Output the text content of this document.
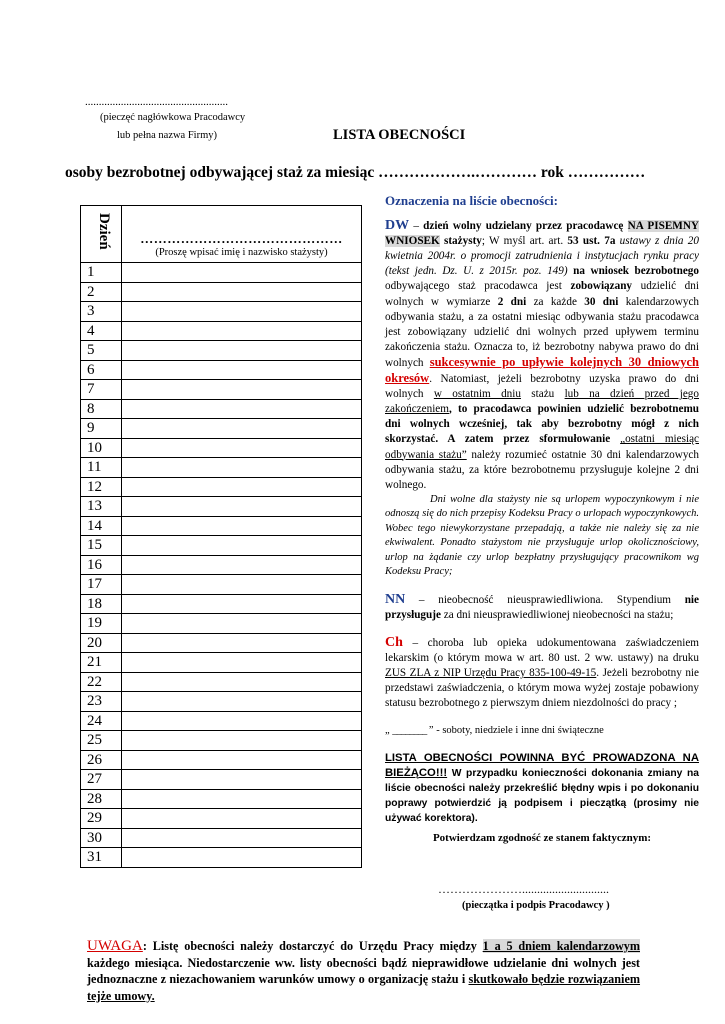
....................................................
(pieczęć nagłówkowa Pracodawcy
lub pełna nazwa Firmy)	LISTA OBECNOŚCI
osoby bezrobotnej odbywającej staż za miesiąc ……………….………… rok ……………
Dzień	………………………………………
(Proszę wpisać imię i nazwisko stażysty)

1	
2	
3	
4	
5	
6	
7	
8	
9	
10	
11	
12	
13	
14	
15	
16	
17	
18	
19	
20	
21	
22	
23	
24	
25	
26	
27	
28	
29	
30	
31	
Oznaczenia na liście obecności:

DW – dzień wolny udzielany przez pracodawcę NA PISEMNY WNIOSEK stażysty; W myśl art. art. 53 ust. 7a ustawy z dnia 20 kwietnia 2004r. o promocji zatrudnienia i instytucjach rynku pracy (tekst jedn. Dz. U. z 2015r. poz. 149) na wniosek bezrobotnego odbywającego staż pracodawca jest zobowiązany udzielić dni wolnych w wymiarze 2 dni za każde 30 dni kalendarzowych odbywania stażu, a za ostatni miesiąc odbywania stażu pracodawca jest zobowiązany udzielić dni wolnych przed upływem terminu zakończenia stażu. Oznacza to, iż bezrobotny nabywa prawo do dni wolnych sukcesywnie po upływie kolejnych 30 dniowych okresów. Natomiast, jeżeli bezrobotny uzyska prawo do dni wolnych w ostatnim dniu stażu lub na dzień przed jego zakończeniem, to pracodawca powinien udzielić bezrobotnemu dni wolnych wcześniej, tak aby bezrobotny mógł z nich skorzystać. A zatem przez sformułowanie „ostatni miesiąc odbywania stażu” należy rozumieć ostatnie 30 dni kalendarzowych odbywania stażu, za które bezrobotnemu przysługuje kolejne 2 dni wolnego.

Dni wolne dla stażysty nie są urlopem wypoczynkowym i nie odnoszą się do nich przepisy Kodeksu Pracy o urlopach wypoczynkowych. Wobec tego niewykorzystane przepadają, a także nie należy się za nie ekwiwalent. Ponadto stażystom nie przysługuje urlop okolicznościowy, urlop na żądanie czy urlop bezpłatny przysługujący pracownikom wg Kodeksu Pracy;

NN – nieobecność nieusprawiedliwiona. Stypendium nie przysługuje za dni nieusprawiedliwionej nieobecności na stażu;

Ch – choroba lub opieka udokumentowana zaświadczeniem lekarskim (o którym mowa w art. 80 ust. 2 ww. ustawy) na druku ZUS ZLA z NIP Urzędu Pracy 835-100-49-15. Jeżeli bezrobotny nie przedstawi zaświadczenia, o którym mowa wyżej zostaje pobawiony statusu bezrobotnego z pierwszym dniem niezdolności do pracy ;

„ ________ ” - soboty, niedziele i inne dni świąteczne

LISTA OBECNOŚCI POWINNA BYĆ PROWADZONA NA BIEŻĄCO!!! W przypadku konieczności dokonania zmiany na liście obecności należy przekreślić błędny wpis i po dokonaniu poprawy potwierdzić ją podpisem i pieczątką (prosimy nie używać korektora).

Potwierdzam zgodność ze stanem faktycznym:
………………….............................
(pieczątka i podpis Pracodawcy )
UWAGA: Listę obecności należy dostarczyć do Urzędu Pracy między 1 a 5 dniem kalendarzowym każdego miesiąca. Niedostarczenie ww. listy obecności bądź nieprawidłowe udzielanie dni wolnych jest jednoznaczne z niezachowaniem warunków umowy o organizację stażu i skutkowało będzie rozwiązaniem tejże umowy.
